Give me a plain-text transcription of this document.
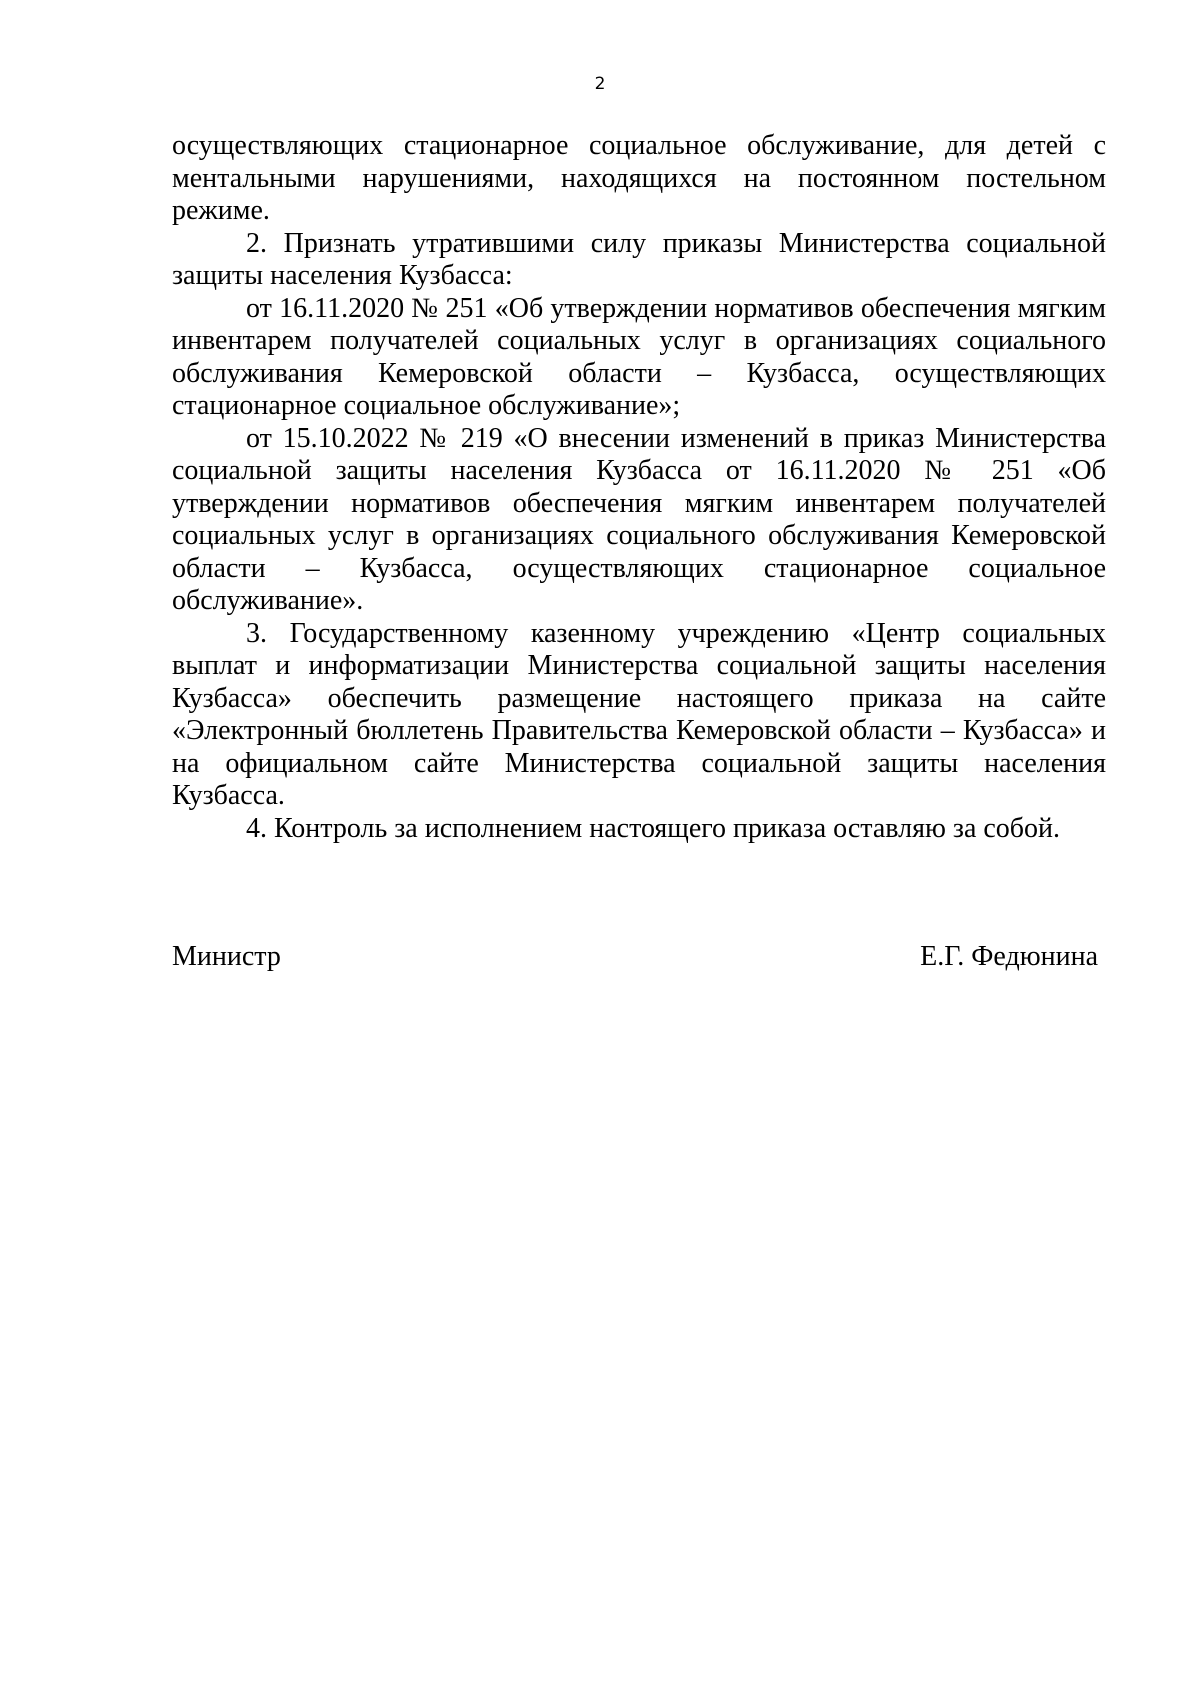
2

осуществляющих стационарное социальное обслуживание, для детей с ментальными нарушениями, находящихся на постоянном постельном режиме.

2. Признать утратившими силу приказы Министерства социальной защиты населения Кузбасса:

от 16.11.2020 № 251 «Об утверждении нормативов обеспечения мягким инвентарем получателей социальных услуг в организациях социального обслуживания Кемеровской области – Кузбасса, осуществляющих стационарное социальное обслуживание»;

от 15.10.2022 № 219 «О внесении изменений в приказ Министерства социальной защиты населения Кузбасса от 16.11.2020 № 251 «Об утверждении нормативов обеспечения мягким инвентарем получателей социальных услуг в организациях социального обслуживания Кемеровской области – Кузбасса, осуществляющих стационарное социальное обслуживание».

3. Государственному казенному учреждению «Центр социальных выплат и информатизации Министерства социальной защиты населения Кузбасса» обеспечить размещение настоящего приказа на сайте «Электронный бюллетень Правительства Кемеровской области – Кузбасса» и на официальном сайте Министерства социальной защиты населения Кузбасса.

4. Контроль за исполнением настоящего приказа оставляю за собой.

Министр	Е.Г. Федюнина
